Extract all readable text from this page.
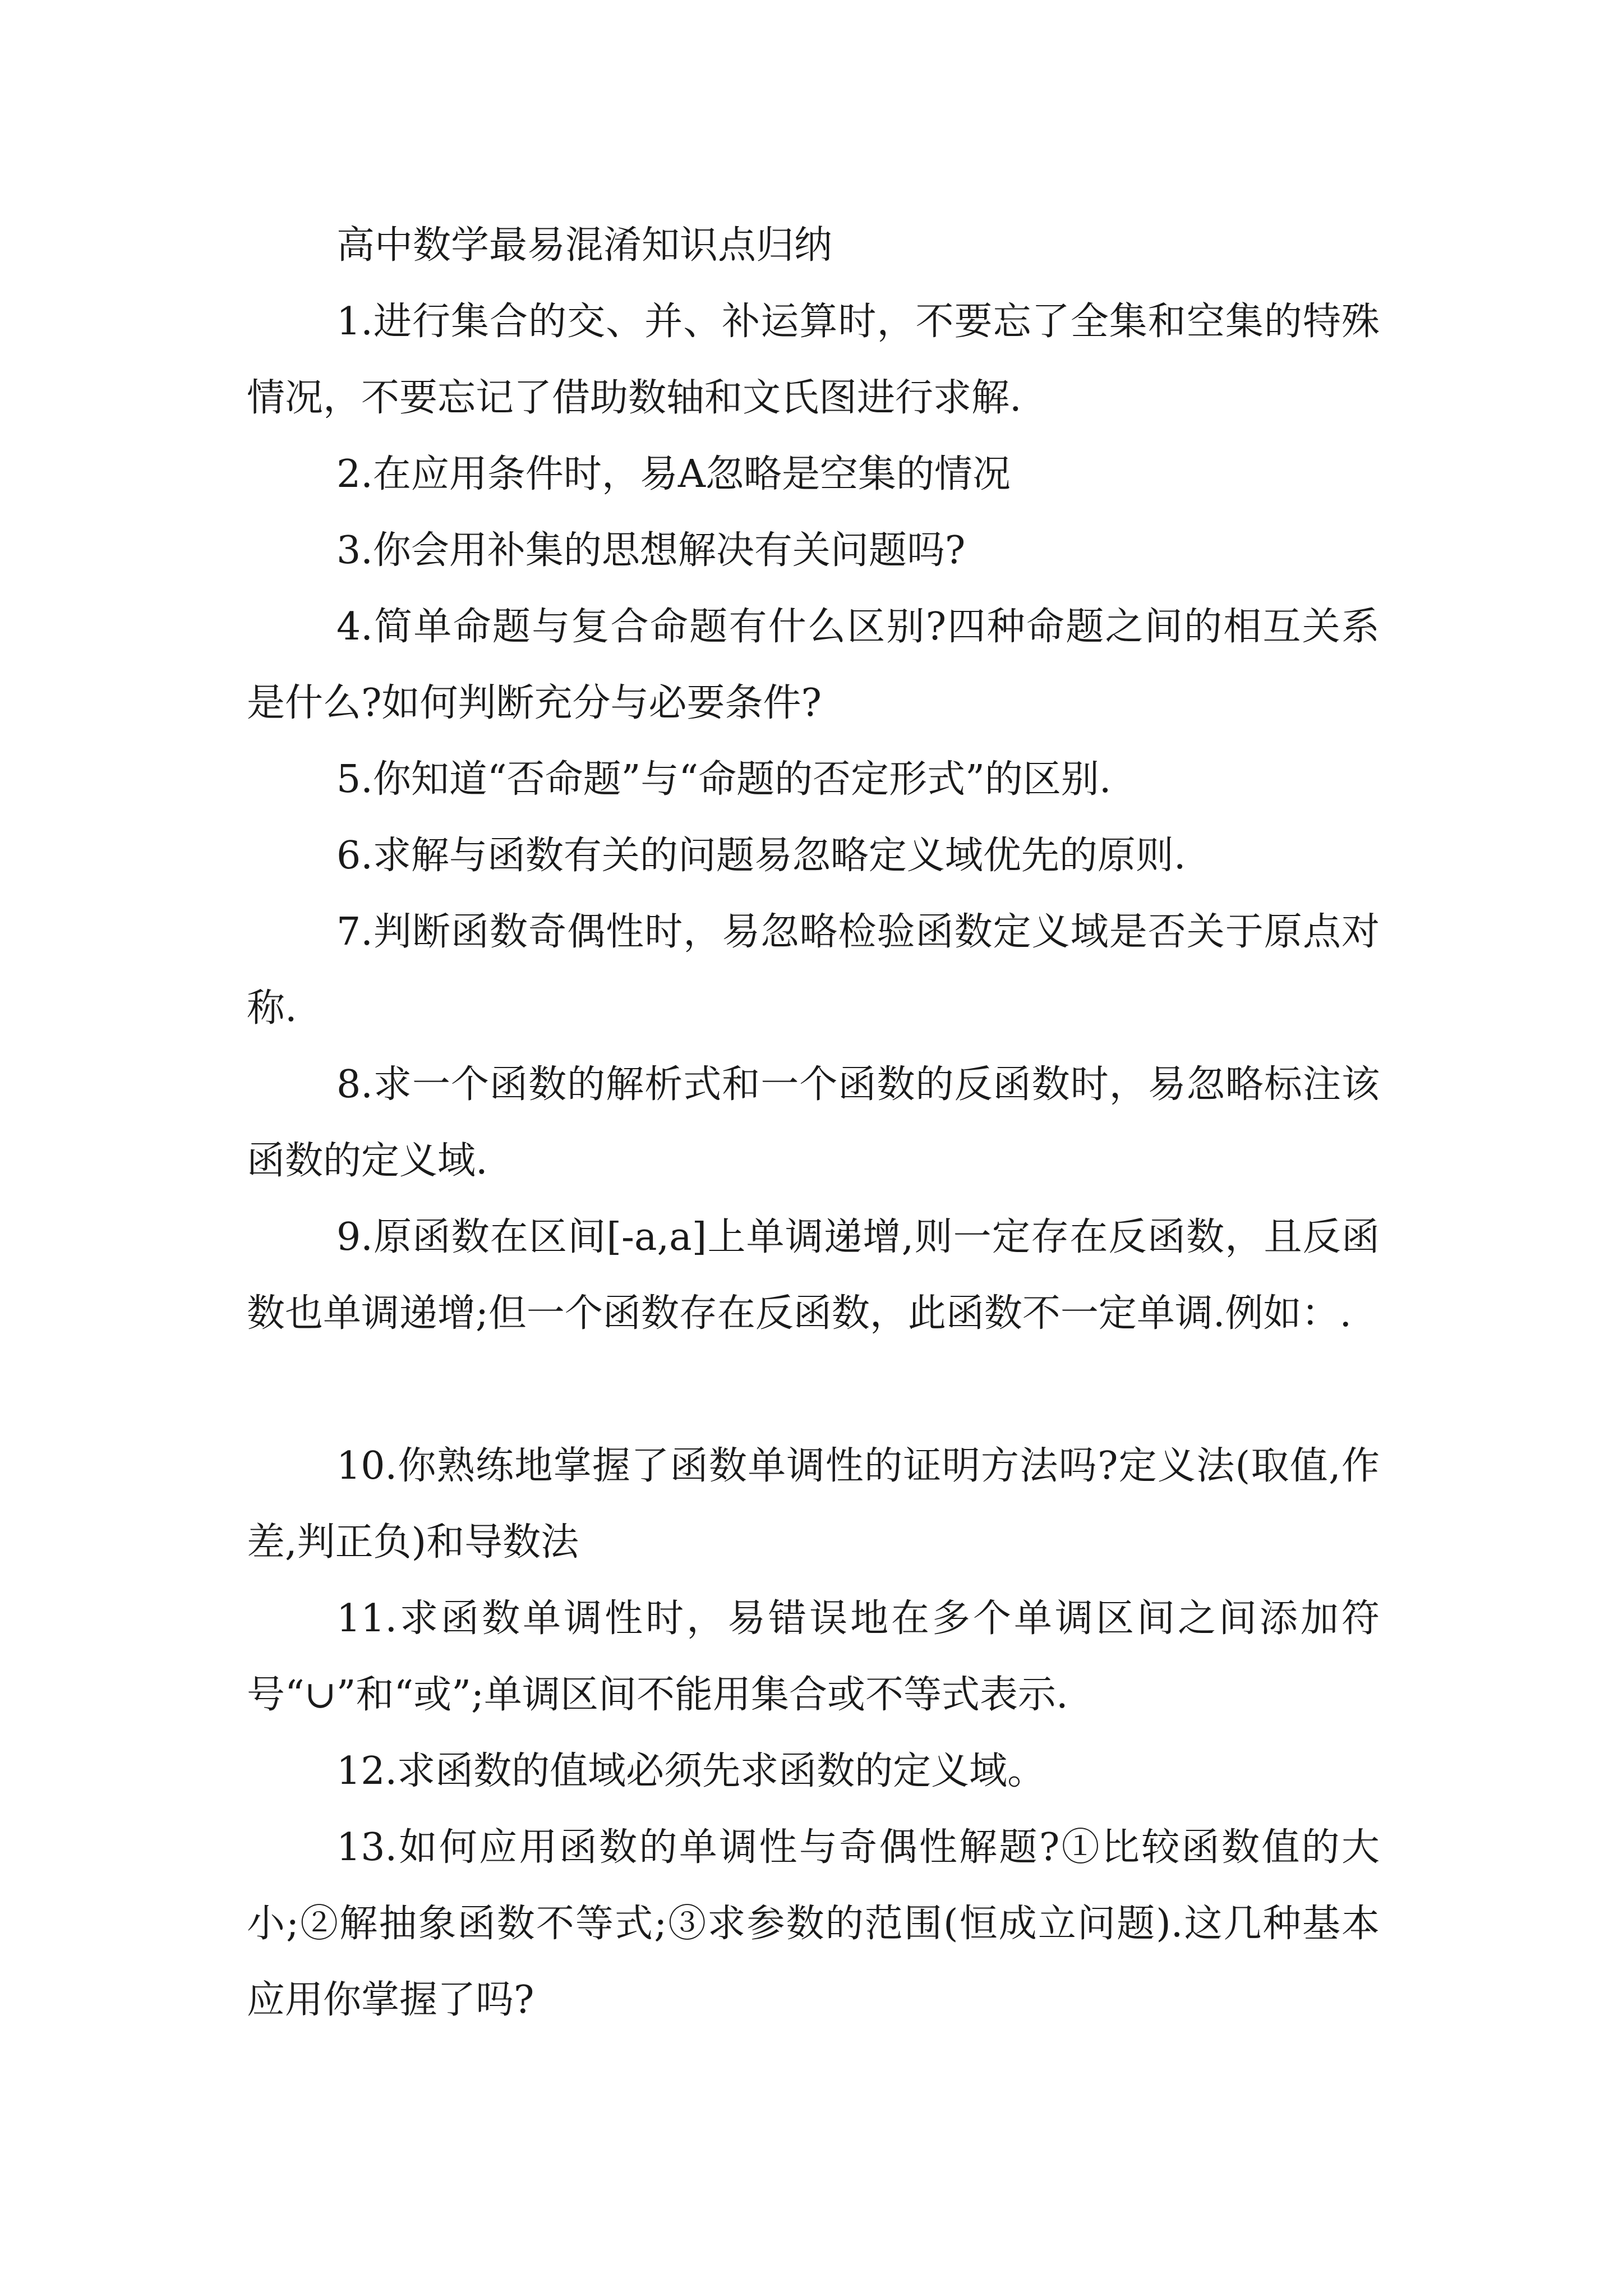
高中数学最易混淆知识点归纳

1.进行集合的交、并、补运算时，不要忘了全集和空集的特殊情况，不要忘记了借助数轴和文氏图进行求解.

2.在应用条件时，易A忽略是空集的情况

3.你会用补集的思想解决有关问题吗?

4.简单命题与复合命题有什么区别?四种命题之间的相互关系是什么?如何判断充分与必要条件?

5.你知道“否命题”与“命题的否定形式”的区别.

6.求解与函数有关的问题易忽略定义域优先的原则.

7.判断函数奇偶性时，易忽略检验函数定义域是否关于原点对称.

8.求一个函数的解析式和一个函数的反函数时，易忽略标注该函数的定义域.

9.原函数在区间[-a,a]上单调递增,则一定存在反函数，且反函数也单调递增;但一个函数存在反函数，此函数不一定单调.例如：.

10.你熟练地掌握了函数单调性的证明方法吗?定义法(取值,作差,判正负)和导数法

11.求函数单调性时，易错误地在多个单调区间之间添加符号“∪”和“或”;单调区间不能用集合或不等式表示.

12.求函数的值域必须先求函数的定义域。

13.如何应用函数的单调性与奇偶性解题?①比较函数值的大小;②解抽象函数不等式;③求参数的范围(恒成立问题).这几种基本应用你掌握了吗?
